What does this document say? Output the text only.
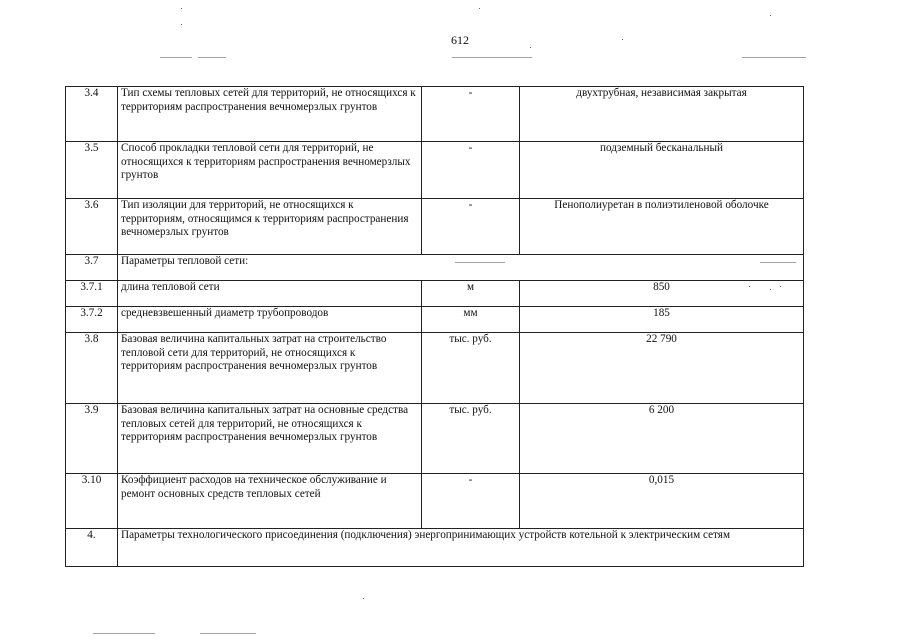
612
3.4	Тип схемы тепловых сетей для территорий, не относящихся к территориям распространения вечномерзлых грунтов	-	двухтрубная, независимая закрытая
3.5	Способ прокладки тепловой сети для территорий, не относящихся к территориям распространения вечномерзлых грунтов	-	подземный бесканальный
3.6	Тип изоляции для территорий, не относящихся к территориям, относящимся к территориям распространения вечномерзлых грунтов	-	Пенополиуретан в полиэтиленовой оболочке
3.7	Параметры тепловой сети:		
3.7.1	длина тепловой сети	м	850
3.7.2	средневзвешенный диаметр трубопроводов	мм	185
3.8	Базовая величина капитальных затрат на строительство тепловой сети для территорий, не относящихся к территориям распространения вечномерзлых грунтов	тыс. руб.	22 790
3.9	Базовая величина капитальных затрат на основные средства тепловых сетей для территорий, не относящихся к территориям распространения вечномерзлых грунтов	тыс. руб.	6 200
3.10	Коэффициент расходов на техническое обслуживание и ремонт основных средств тепловых сетей	-	0,015
4.	Параметры технологического присоединения (подключения) энергопринимающих устройств котельной к электрическим сетям		
